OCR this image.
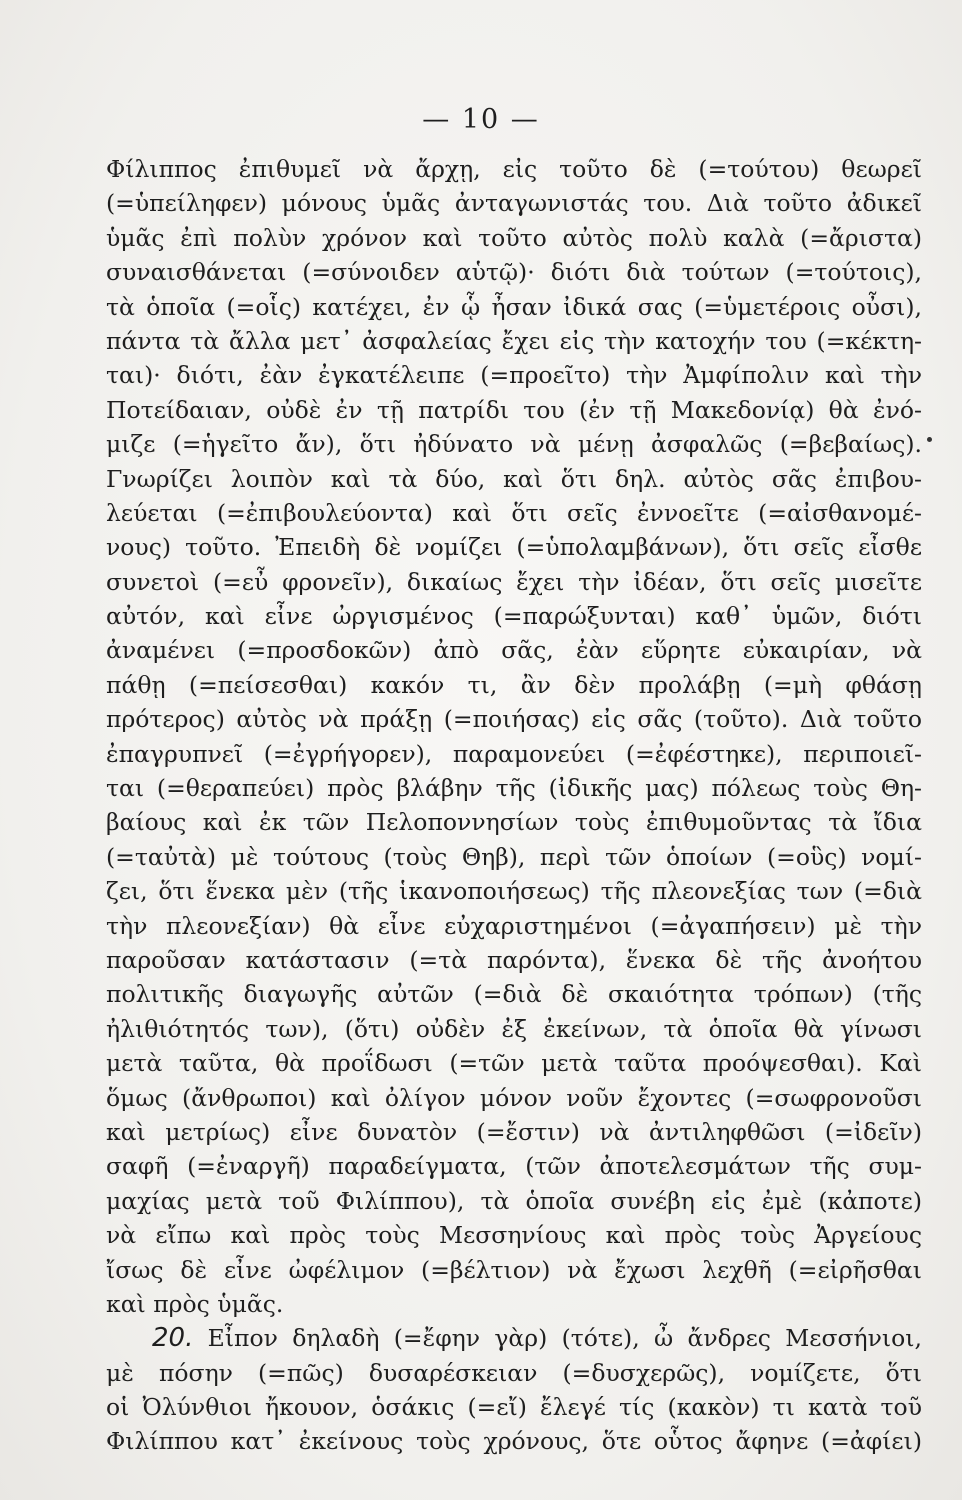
— 10 —
Φίλιππος ἐπιθυμεῖ νὰ ἄρχῃ, εἰς τοῦτο δὲ (=τούτου) θεωρεῖ
(=ὑπείληφεν) μόνους ὑμᾶς ἀνταγωνιστάς του. Διὰ τοῦτο ἀδικεῖ
ὑμᾶς ἐπὶ πολὺν χρόνον καὶ τοῦτο αὐτὸς πολὺ καλὰ (=ἄριστα)
συναισθάνεται (=σύνοιδεν αὑτῷ)· διότι διὰ τούτων (=τούτοις),
τὰ ὁποῖα (=οἷς) κατέχει, ἐν ᾧ ἦσαν ἰδικά σας (=ὑμετέροις οὖσι),
πάντα τὰ ἄλλα μετ᾽ ἀσφαλείας ἔχει εἰς τὴν κατοχήν του (=κέκτη-
ται)· διότι, ἐὰν ἐγκατέλειπε (=προεῖτο) τὴν Ἀμφίπολιν καὶ τὴν
Ποτείδαιαν, οὐδὲ ἐν τῇ πατρίδι του (ἐν τῇ Μακεδονίᾳ) θὰ ἐνό-
μιζε (=ἡγεῖτο ἄν), ὅτι ἠδύνατο νὰ μένῃ ἀσφαλῶς (=βεβαίως).
Γνωρίζει λοιπὸν καὶ τὰ δύο, καὶ ὅτι δηλ. αὐτὸς σᾶς ἐπιβου-
λεύεται (=ἐπιβουλεύοντα) καὶ ὅτι σεῖς ἐννοεῖτε (=αἰσθανομέ-
νους) τοῦτο. Ἐπειδὴ δὲ νομίζει (=ὑπολαμβάνων), ὅτι σεῖς εἶσθε
συνετοὶ (=εὖ φρονεῖν), δικαίως ἔχει τὴν ἰδέαν, ὅτι σεῖς μισεῖτε
αὐτόν, καὶ εἶνε ὠργισμένος (=παρώξυνται) καθ᾽ ὑμῶν, διότι
ἀναμένει (=προσδοκῶν) ἀπὸ σᾶς, ἐὰν εὕρητε εὐκαιρίαν, νὰ
πάθῃ (=πείσεσθαι) κακόν τι, ἂν δὲν προλάβῃ (=μὴ φθάσῃ
πρότερος) αὐτὸς νὰ πράξῃ (=ποιήσας) εἰς σᾶς (τοῦτο). Διὰ τοῦτο
ἐπαγρυπνεῖ (=ἐγρήγορεν), παραμονεύει (=ἐφέστηκε), περιποιεῖ-
ται (=θεραπεύει) πρὸς βλάβην τῆς (ἰδικῆς μας) πόλεως τοὺς Θη-
βαίους καὶ ἐκ τῶν Πελοποννησίων τοὺς ἐπιθυμοῦντας τὰ ἴδια
(=ταὐτὰ) μὲ τούτους (τοὺς Θηβ), περὶ τῶν ὁποίων (=οὓς) νομί-
ζει, ὅτι ἕνεκα μὲν (τῆς ἱκανοποιήσεως) τῆς πλεονεξίας των (=διὰ
τὴν πλεονεξίαν) θὰ εἶνε εὐχαριστημένοι (=ἀγαπήσειν) μὲ τὴν
παροῦσαν κατάστασιν (=τὰ παρόντα), ἕνεκα δὲ τῆς ἀνοήτου
πολιτικῆς διαγωγῆς αὐτῶν (=διὰ δὲ σκαιότητα τρόπων) (τῆς
ἠλιθιότητός των), (ὅτι) οὐδὲν ἐξ ἐκείνων, τὰ ὁποῖα θὰ γίνωσι
μετὰ ταῦτα, θὰ προΐδωσι (=τῶν μετὰ ταῦτα προόψεσθαι). Καὶ
ὅμως (ἄνθρωποι) καὶ ὀλίγον μόνον νοῦν ἔχοντες (=σωφρονοῦσι
καὶ μετρίως) εἶνε δυνατὸν (=ἔστιν) νὰ ἀντιληφθῶσι (=ἰδεῖν)
σαφῆ (=ἐναργῆ) παραδείγματα, (τῶν ἀποτελεσμάτων τῆς συμ-
μαχίας μετὰ τοῦ Φιλίππου), τὰ ὁποῖα συνέβη εἰς ἐμὲ (κἀποτε)
νὰ εἴπω καὶ πρὸς τοὺς Μεσσηνίους καὶ πρὸς τοὺς Ἀργείους
ἴσως δὲ εἶνε ὠφέλιμον (=βέλτιον) νὰ ἔχωσι λεχθῆ (=εἰρῆσθαι
καὶ πρὸς ὑμᾶς.
20. Εἶπον δηλαδὴ (=ἔφην γὰρ) (τότε), ὦ ἄνδρες Μεσσήνιοι,
μὲ πόσην (=πῶς) δυσαρέσκειαν (=δυσχερῶς), νομίζετε, ὅτι
οἱ Ὀλύνθιοι ἤκουον, ὁσάκις (=εἴ) ἔλεγέ τίς (κακὸν) τι κατὰ τοῦ
Φιλίππου κατ᾽ ἐκείνους τοὺς χρόνους, ὅτε οὗτος ἄφηνε (=ἀφίει)
